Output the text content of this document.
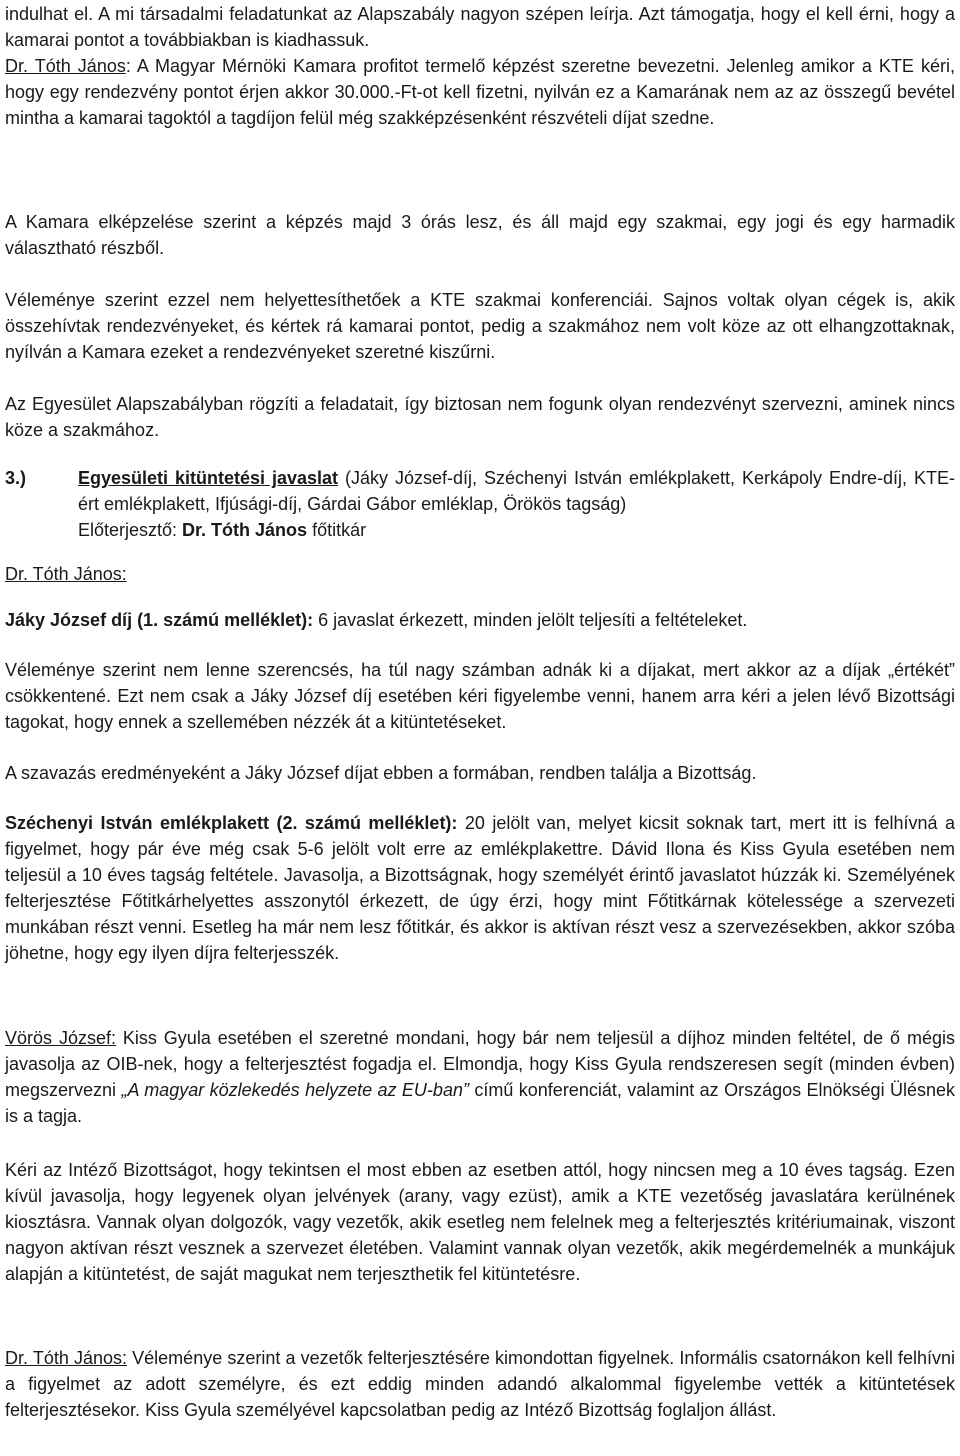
indulhat el. A mi társadalmi feladatunkat az Alapszabály nagyon szépen leírja. Azt támogatja, hogy el kell érni, hogy a kamarai pontot a továbbiakban is kiadhassuk.

Dr. Tóth János: A Magyar Mérnöki Kamara profitot termelő képzést szeretne bevezetni. Jelenleg amikor a KTE kéri, hogy egy rendezvény pontot érjen akkor 30.000.-Ft-ot kell fizetni, nyilván ez a Kamarának nem az az összegű bevétel mintha a kamarai tagoktól a tagdíjon felül még szakképzésenként részvételi díjat szedne.

A Kamara elképzelése szerint a képzés majd 3 órás lesz, és áll majd egy szakmai, egy jogi és egy harmadik választható részből.

Véleménye szerint ezzel nem helyettesíthetőek a KTE szakmai konferenciái. Sajnos voltak olyan cégek is, akik összehívtak rendezvényeket, és kértek rá kamarai pontot, pedig a szakmához nem volt köze az ott elhangzottaknak, nyílván a Kamara ezeket a rendezvényeket szeretné kiszűrni.

Az Egyesület Alapszabályban rögzíti a feladatait, így biztosan nem fogunk olyan rendezvényt szervezni, aminek nincs köze a szakmához.

3.)	Egyesületi kitüntetési javaslat (Jáky József-díj, Széchenyi István emlékplakett, Kerkápoly Endre-díj, KTE-ért emlékplakett, Ifjúsági-díj, Gárdai Gábor emléklap, Örökös tagság)
Előterjesztő: Dr. Tóth János főtitkár

Dr. Tóth János:

Jáky József díj (1. számú melléklet): 6 javaslat érkezett, minden jelölt teljesíti a feltételeket.

Véleménye szerint nem lenne szerencsés, ha túl nagy számban adnák ki a díjakat, mert akkor az a díjak „értékét” csökkentené. Ezt nem csak a Jáky József díj esetében kéri figyelembe venni, hanem arra kéri a jelen lévő Bizottsági tagokat, hogy ennek a szellemében nézzék át a kitüntetéseket.

A szavazás eredményeként a Jáky József díjat ebben a formában, rendben találja a Bizottság.

Széchenyi István emlékplakett (2. számú melléklet): 20 jelölt van, melyet kicsit soknak tart, mert itt is felhívná a figyelmet, hogy pár éve még csak 5-6 jelölt volt erre az emlékplakettre. Dávid Ilona és Kiss Gyula esetében nem teljesül a 10 éves tagság feltétele. Javasolja, a Bizottságnak, hogy személyét érintő javaslatot húzzák ki. Személyének felterjesztése Főtitkárhelyettes asszonytól érkezett, de úgy érzi, hogy mint Főtitkárnak kötelessége a szervezeti munkában részt venni. Esetleg ha már nem lesz főtitkár, és akkor is aktívan részt vesz a szervezésekben, akkor szóba jöhetne, hogy egy ilyen díjra felterjesszék.

Vörös József: Kiss Gyula esetében el szeretné mondani, hogy bár nem teljesül a díjhoz minden feltétel, de ő mégis javasolja az OIB-nek, hogy a felterjesztést fogadja el. Elmondja, hogy Kiss Gyula rendszeresen segít (minden évben) megszervezni „A magyar közlekedés helyzete az EU-ban” című konferenciát, valamint az Országos Elnökségi Ülésnek is a tagja.

Kéri az Intéző Bizottságot, hogy tekintsen el most ebben az esetben attól, hogy nincsen meg a 10 éves tagság. Ezen kívül javasolja, hogy legyenek olyan jelvények (arany, vagy ezüst), amik a KTE vezetőség javaslatára kerülnének kiosztásra. Vannak olyan dolgozók, vagy vezetők, akik esetleg nem felelnek meg a felterjesztés kritériumainak, viszont nagyon aktívan részt vesznek a szervezet életében. Valamint vannak olyan vezetők, akik megérdemelnék a munkájuk alapján a kitüntetést, de saját magukat nem terjeszthetik fel kitüntetésre.

Dr. Tóth János: Véleménye szerint a vezetők felterjesztésére kimondottan figyelnek. Informális csatornákon kell felhívni a figyelmet az adott személyre, és ezt eddig minden adandó alkalommal figyelembe vették a kitüntetések felterjesztésekor. Kiss Gyula személyével kapcsolatban pedig az Intéző Bizottság foglaljon állást.
